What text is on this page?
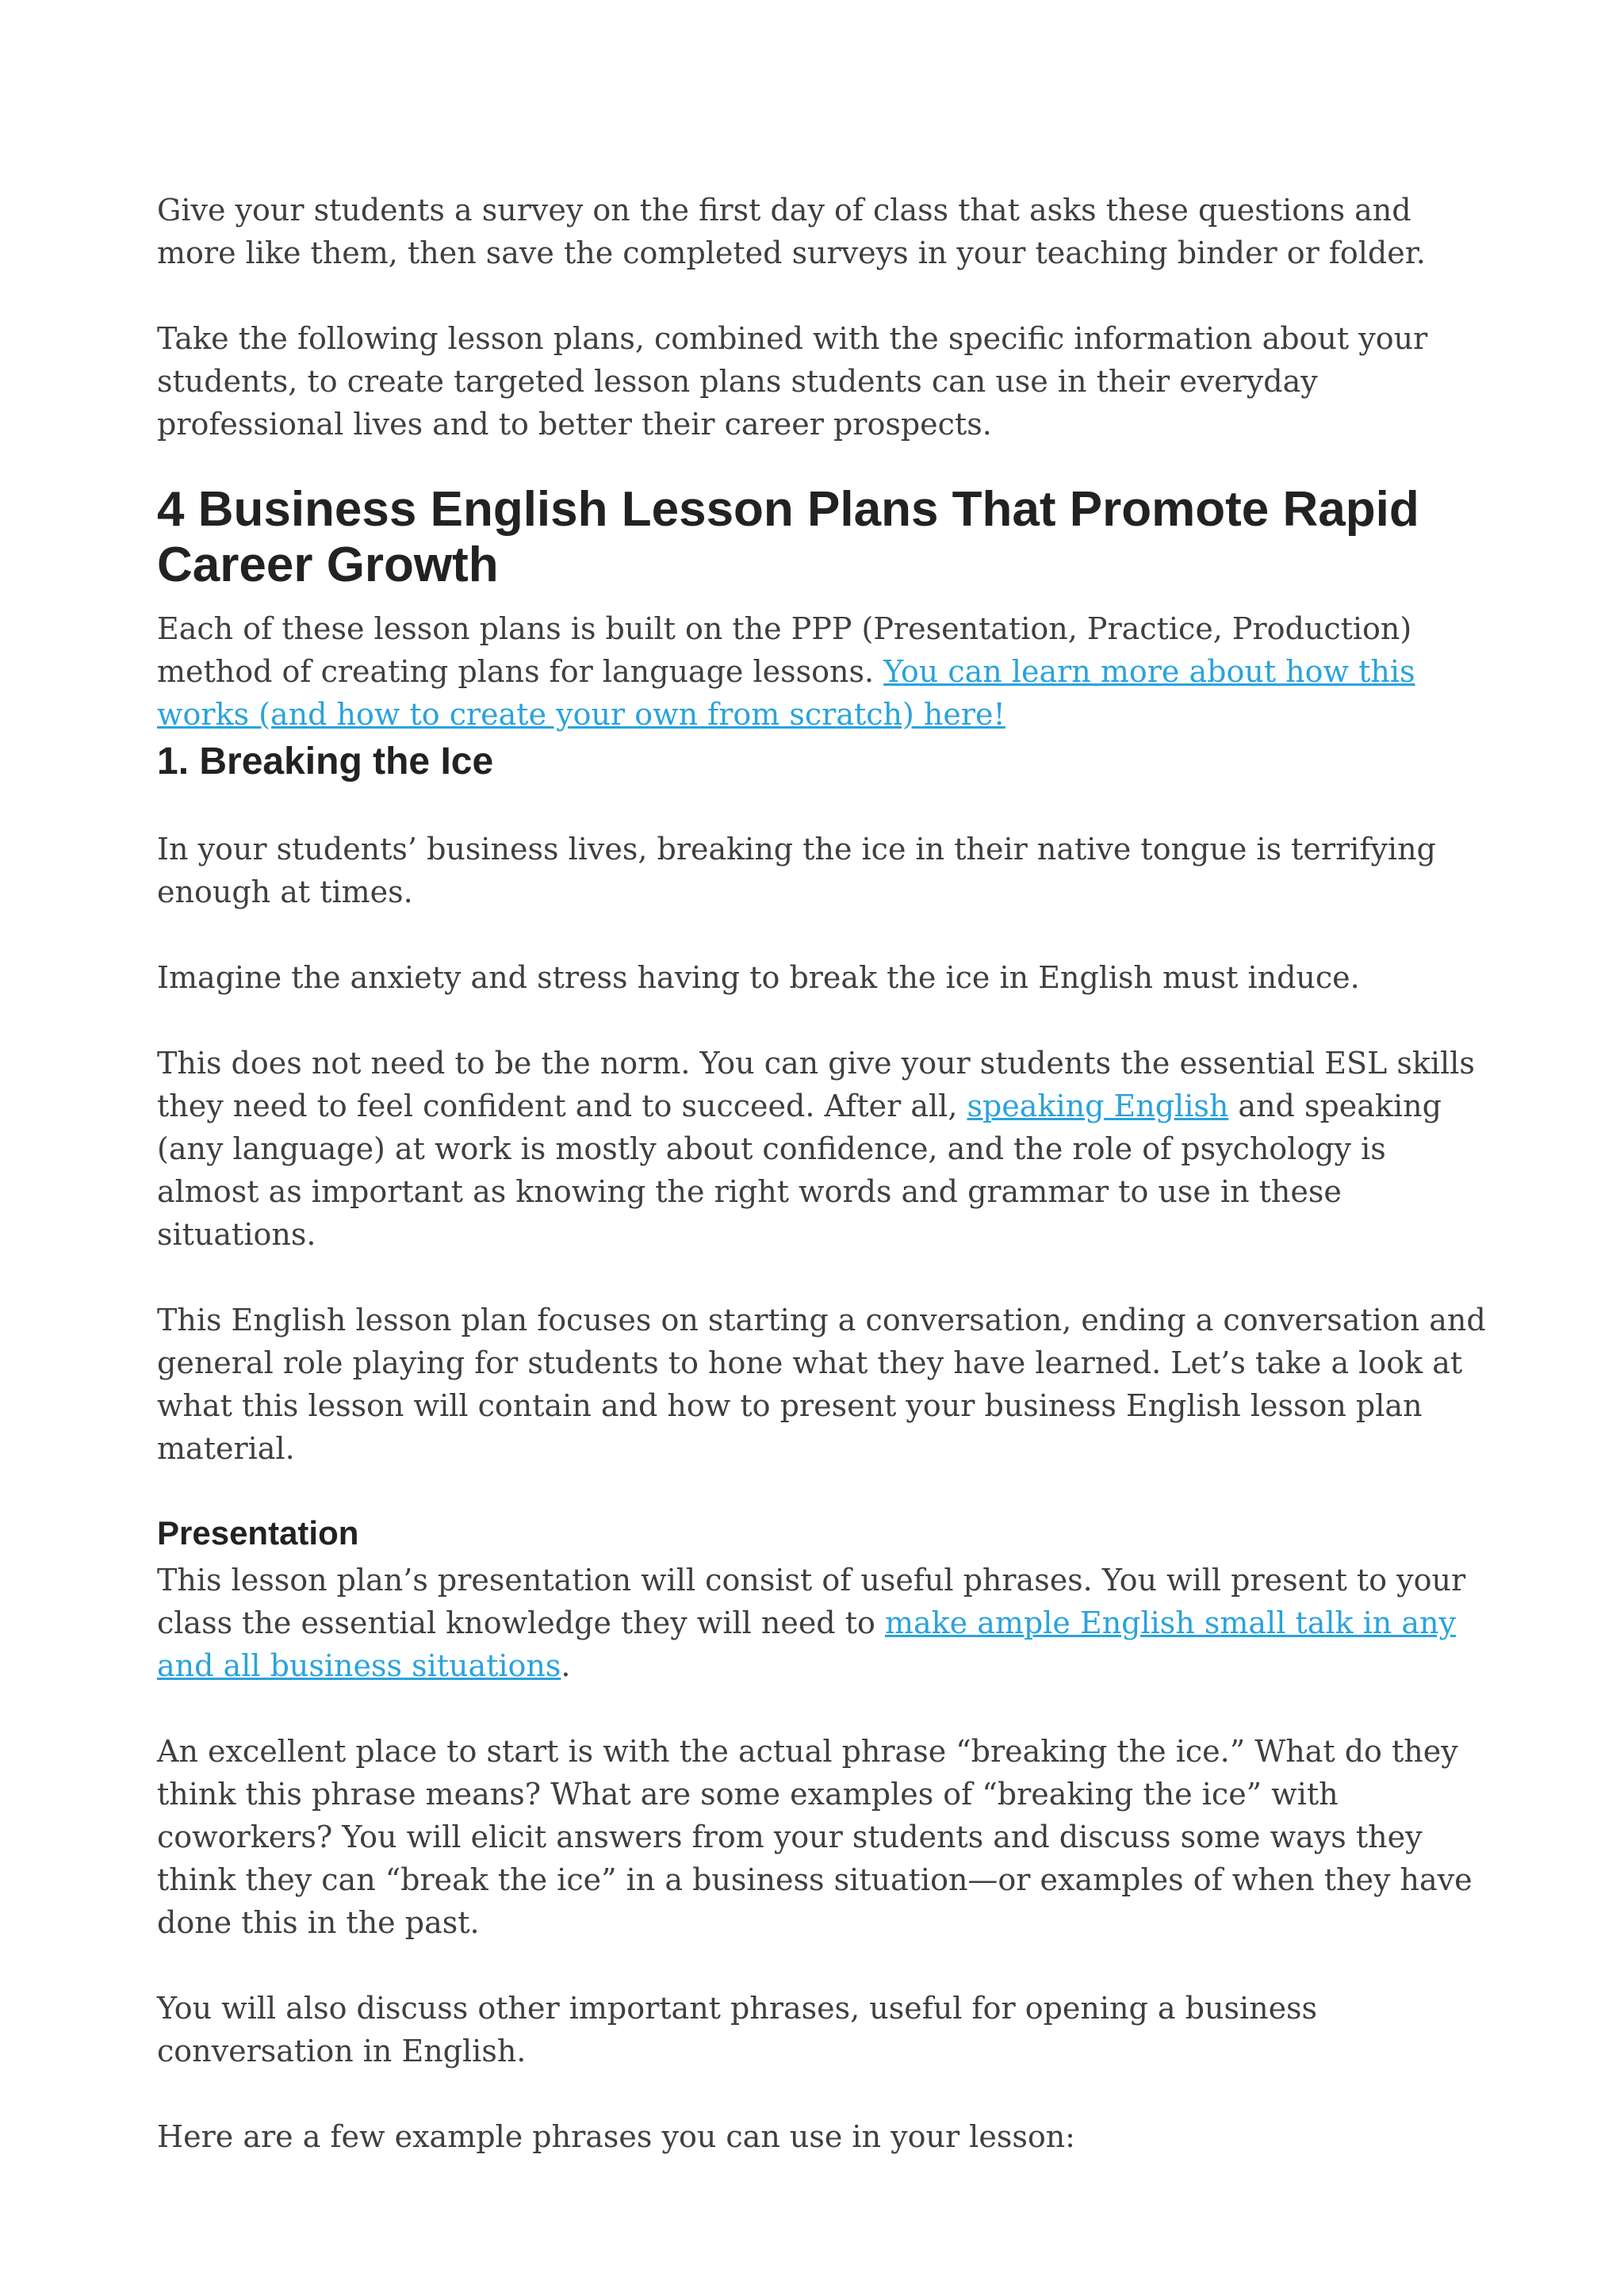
Give your students a survey on the first day of class that asks these questions and more like them, then save the completed surveys in your teaching binder or folder.

Take the following lesson plans, combined with the specific information about your students, to create targeted lesson plans students can use in their everyday professional lives and to better their career prospects.

4 Business English Lesson Plans That Promote Rapid Career Growth

Each of these lesson plans is built on the PPP (Presentation, Practice, Production) method of creating plans for language lessons. You can learn more about how this works (and how to create your own from scratch) here!

1. Breaking the Ice

In your students’ business lives, breaking the ice in their native tongue is terrifying enough at times.

Imagine the anxiety and stress having to break the ice in English must induce.

This does not need to be the norm. You can give your students the essential ESL skills they need to feel confident and to succeed. After all, speaking English and speaking (any language) at work is mostly about confidence, and the role of psychology is almost as important as knowing the right words and grammar to use in these situations.

This English lesson plan focuses on starting a conversation, ending a conversation and general role playing for students to hone what they have learned. Let’s take a look at what this lesson will contain and how to present your business English lesson plan material.

Presentation

This lesson plan’s presentation will consist of useful phrases. You will present to your class the essential knowledge they will need to make ample English small talk in any and all business situations.

An excellent place to start is with the actual phrase “breaking the ice.” What do they think this phrase means? What are some examples of “breaking the ice” with coworkers? You will elicit answers from your students and discuss some ways they think they can “break the ice” in a business situation—or examples of when they have done this in the past.

You will also discuss other important phrases, useful for opening a business conversation in English.

Here are a few example phrases you can use in your lesson:
